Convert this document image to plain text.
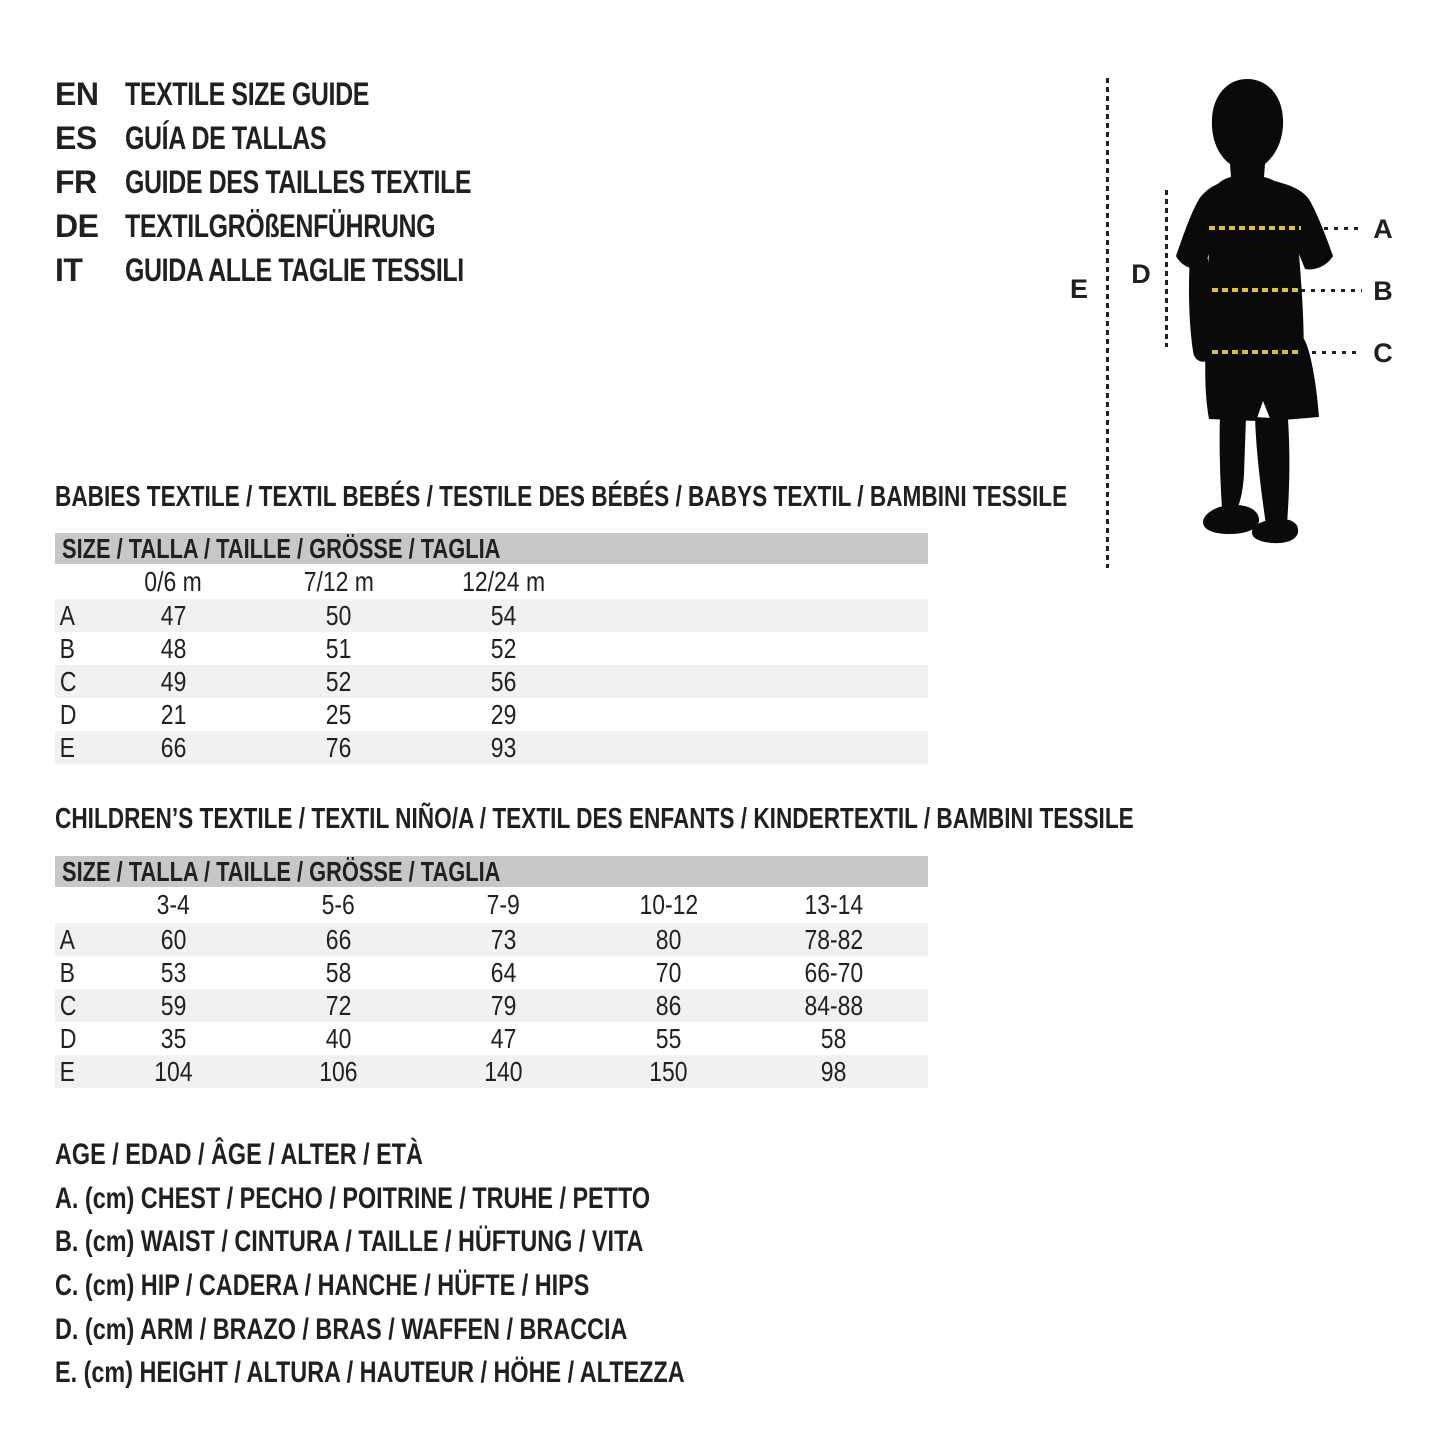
EN TEXTILE SIZE GUIDE
ES GUÍA DE TALLAS
FR GUIDE DES TAILLES TEXTILE
DE TEXTILGRÖßENFÜHRUNG
IT	GUIDA ALLE TAGLIE TESSILI
E D
A
B
C
BABIES TEXTILE / TEXTIL BEBÉS / TESTILE DES BÉBÉS / BABYS TEXTIL / BAMBINI TESSILE
SIZE / TALLA / TAILLE / GRÖSSE / TAGLIA
0/6 m	7/12 m	12/24 m
A	47	50	54
B	48	51	52
C	49	52	56
D	21	25	29
E	66	76	93
CHILDREN’S TEXTILE / TEXTIL NIÑO/A / TEXTIL DES ENFANTS / KINDERTEXTIL / BAMBINI TESSILE
SIZE / TALLA / TAILLE / GRÖSSE / TAGLIA
3-4	5-6	7-9	10-12	13-14
A	60	66	73	80	78-82
B	53	58	64	70	66-70
C	59	72	79	86	84-88
D	35	40	47	55	58
E	104	106	140	150	98
AGE / EDAD / ÂGE / ALTER / ETÀ
A. (cm) CHEST / PECHO / POITRINE / TRUHE / PETTO
B. (cm) WAIST / CINTURA / TAILLE / HÜFTUNG / VITA
C. (cm) HIP / CADERA / HANCHE / HÜFTE / HIPS
D. (cm) ARM / BRAZO / BRAS / WAFFEN / BRACCIA
E. (cm) HEIGHT / ALTURA / HAUTEUR / HÖHE / ALTEZZA
